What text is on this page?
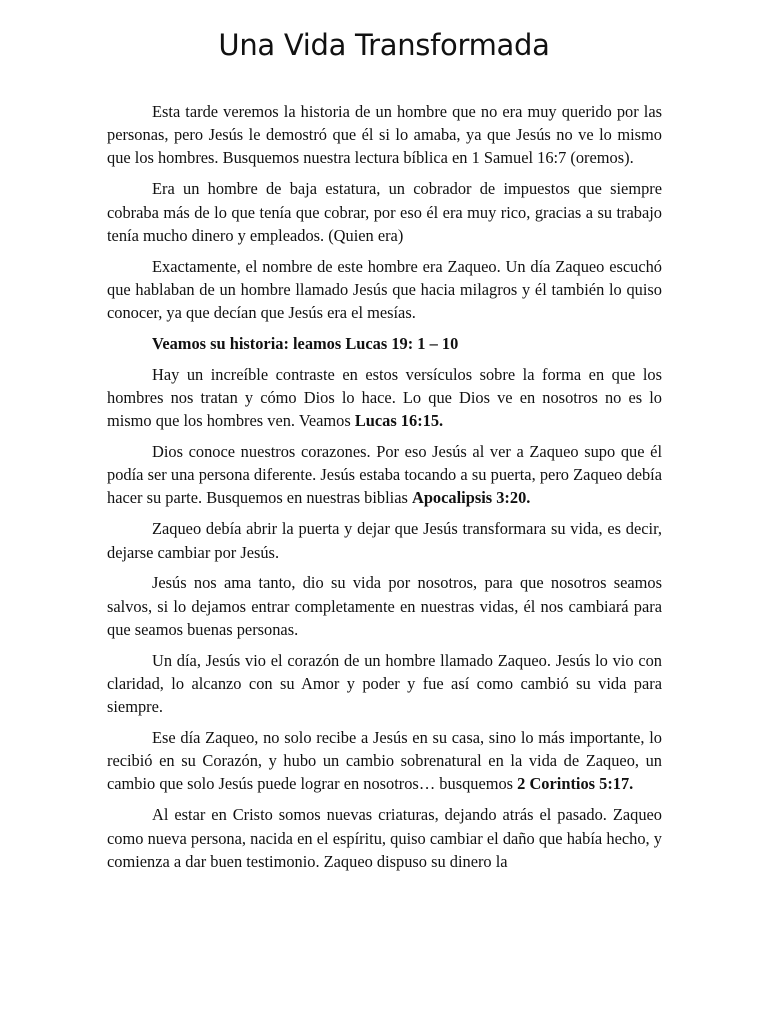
Una Vida Transformada

Esta tarde veremos la historia de un hombre que no era muy querido por las personas, pero Jesús le demostró que él si lo amaba, ya que Jesús no ve lo mismo que los hombres. Busquemos nuestra lectura bíblica en 1 Samuel 16:7 (oremos).

Era un hombre de baja estatura, un cobrador de impuestos que siempre cobraba más de lo que tenía que cobrar, por eso él era muy rico, gracias a su trabajo tenía mucho dinero y empleados. (Quien era)

Exactamente, el nombre de este hombre era Zaqueo. Un día Zaqueo escuchó que hablaban de un hombre llamado Jesús que hacia milagros y él también lo quiso conocer, ya que decían que Jesús era el mesías.

Veamos su historia: leamos Lucas 19: 1 – 10

Hay un increíble contraste en estos versículos sobre la forma en que los hombres nos tratan y cómo Dios lo hace. Lo que Dios ve en nosotros no es lo mismo que los hombres ven. Veamos Lucas 16:15.

Dios conoce nuestros corazones. Por eso Jesús al ver a Zaqueo supo que él podía ser una persona diferente. Jesús estaba tocando a su puerta, pero Zaqueo debía hacer su parte. Busquemos en nuestras biblias Apocalipsis 3:20.

Zaqueo debía abrir la puerta y dejar que Jesús transformara su vida, es decir, dejarse cambiar por Jesús.

Jesús nos ama tanto, dio su vida por nosotros, para que nosotros seamos salvos, si lo dejamos entrar completamente en nuestras vidas, él nos cambiará para que seamos buenas personas.

Un día, Jesús vio el corazón de un hombre llamado Zaqueo. Jesús lo vio con claridad, lo alcanzo con su Amor y poder y fue así como cambió su vida para siempre.

Ese día Zaqueo, no solo recibe a Jesús en su casa, sino lo más importante, lo recibió en su Corazón, y hubo un cambio sobrenatural en la vida de Zaqueo, un cambio que solo Jesús puede lograr en nosotros… busquemos 2 Corintios 5:17.

Al estar en Cristo somos nuevas criaturas, dejando atrás el pasado. Zaqueo como nueva persona, nacida en el espíritu, quiso cambiar el daño que había hecho, y comienza a dar buen testimonio. Zaqueo dispuso su dinero la
